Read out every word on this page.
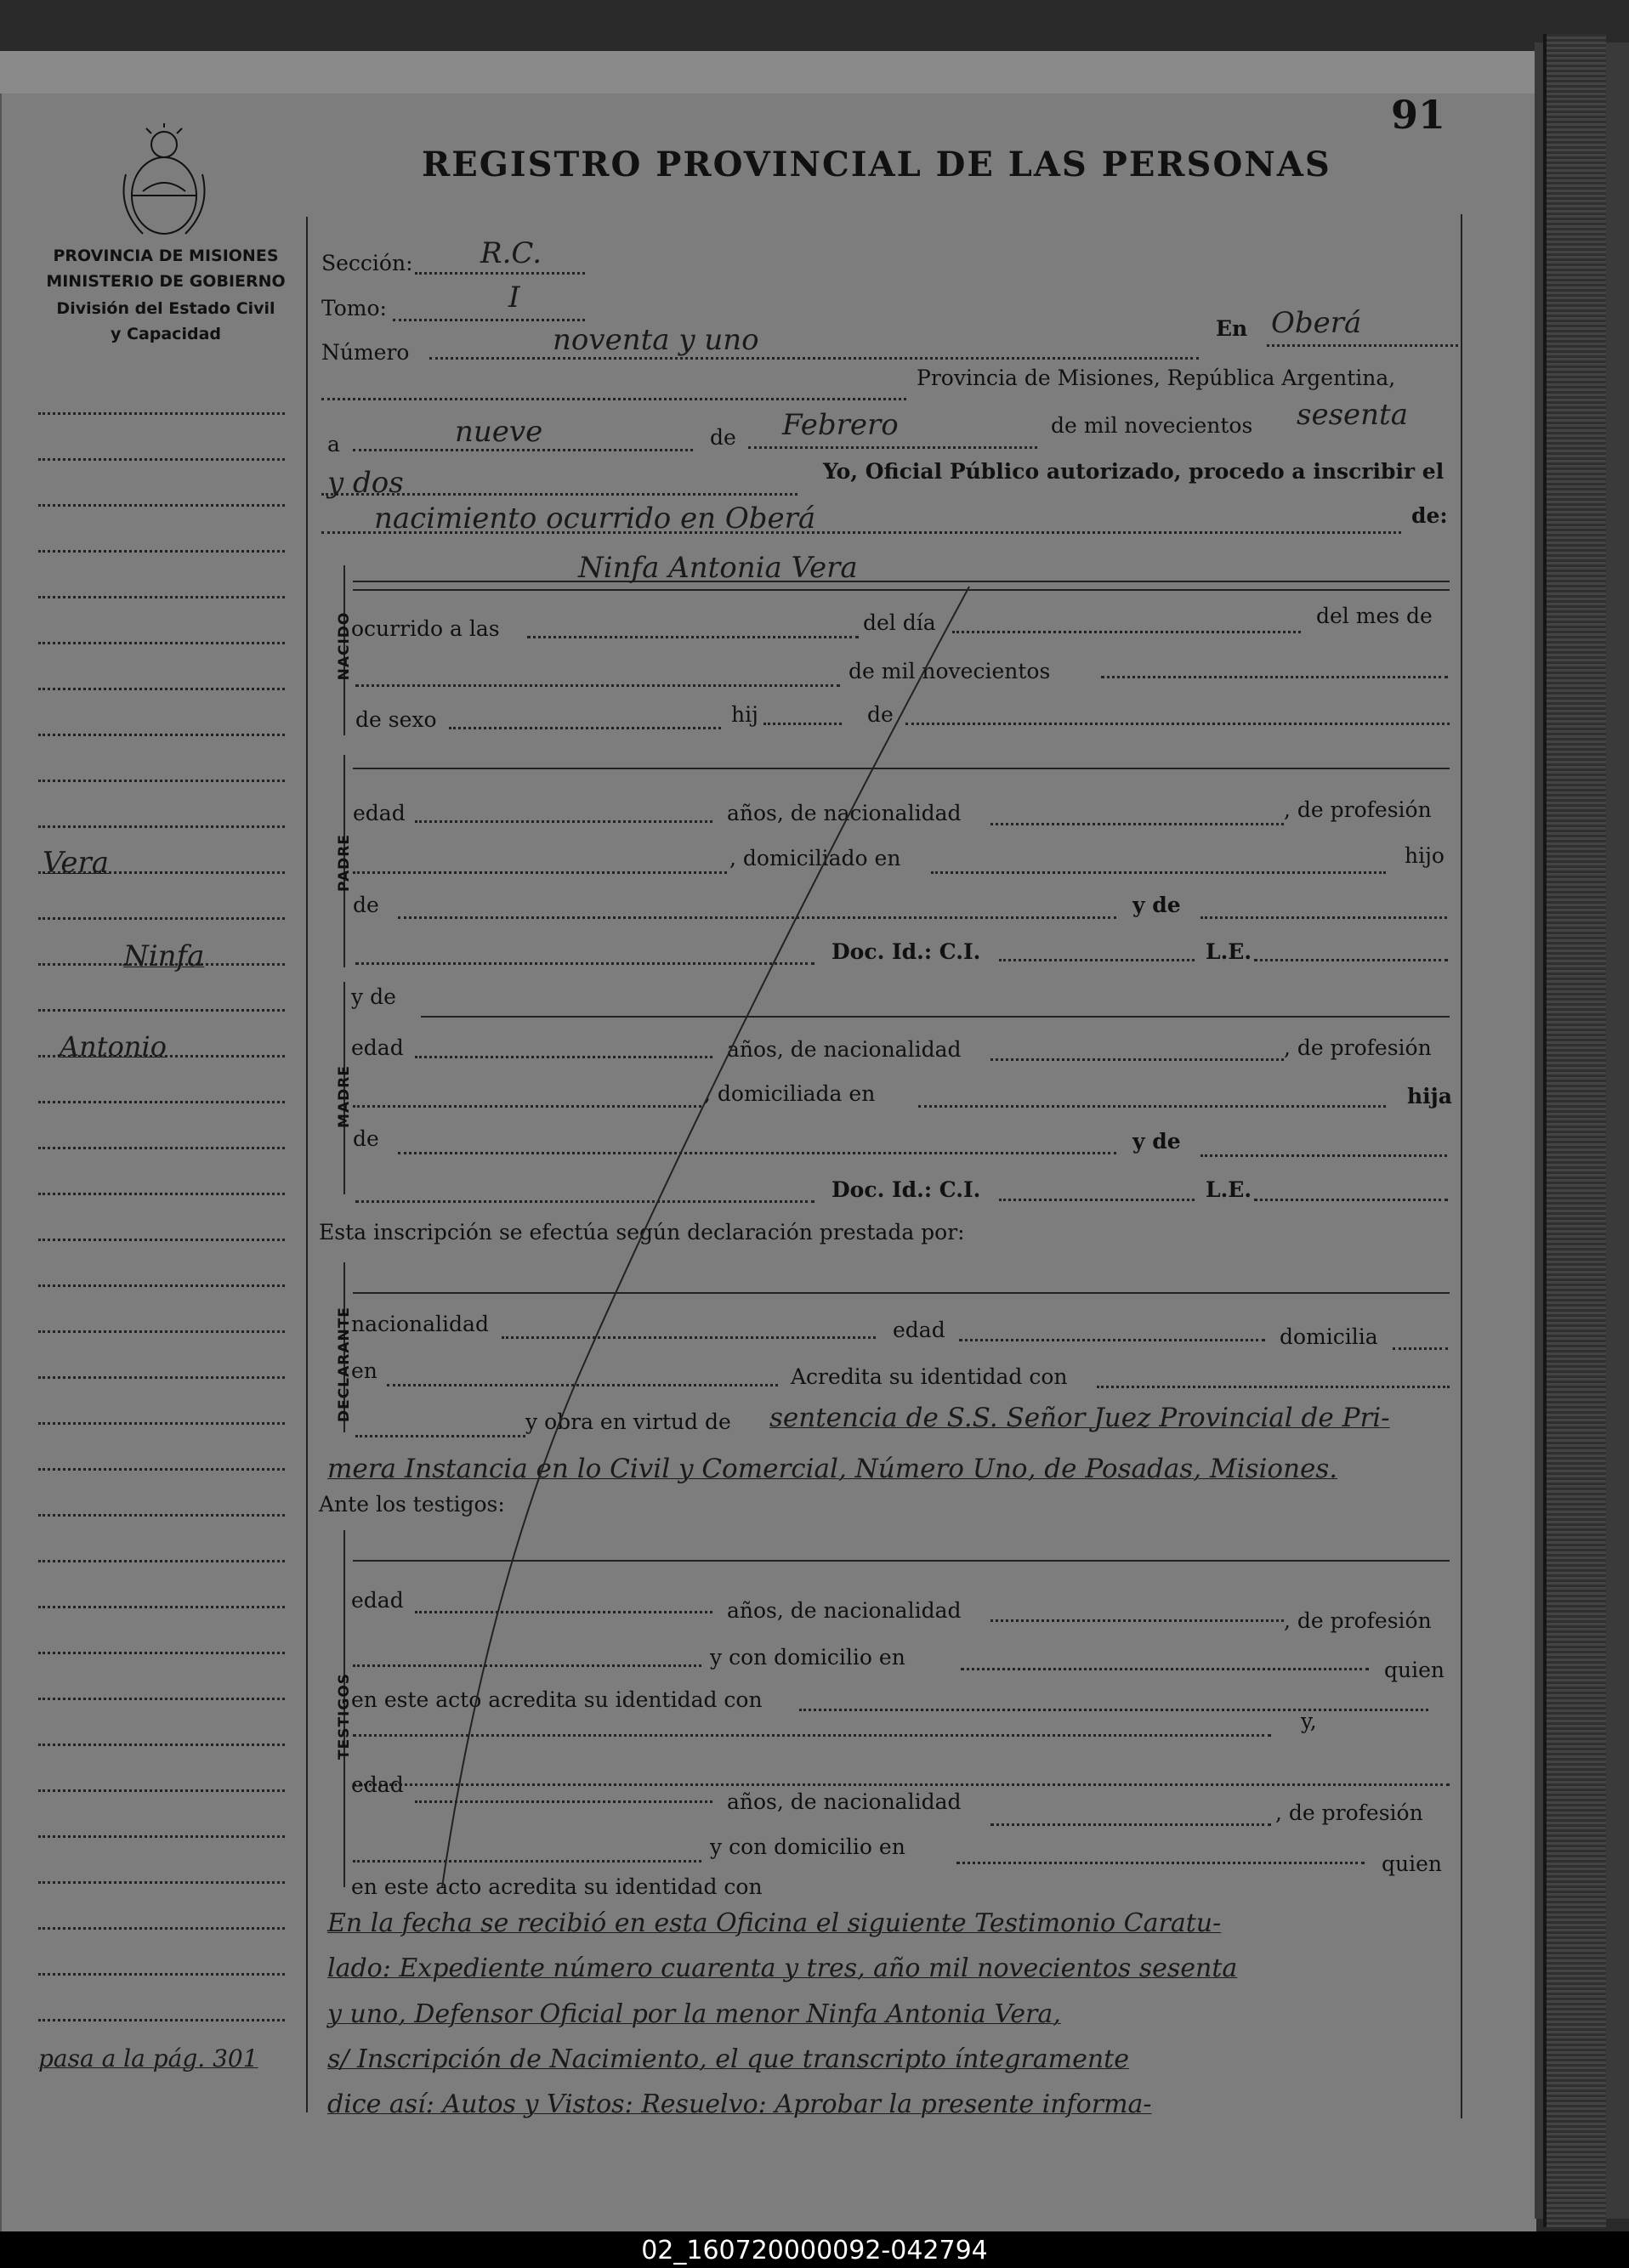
REGISTRO PROVINCIAL DE LAS PERSONAS
91
PROVINCIA DE MISIONES
MINISTERIO DE GOBIERNO
División del Estado Civil
y Capacidad
Vera
Ninfa
Antonio
pasa a la pág. 301
Sección: R.C.
Tomo:	I
Número	noventa y uno	En Oberá
Provincia de Misiones, República Argentina,
a	nueve	de Febrero	de mil novecientos sesenta
y dos	Yo, Oficial Público autorizado, procedo a inscribir el
nacimiento ocurrido en Oberá	de:
NACIDO
Ninfa Antonia Vera
ocurrido a las	del día	del mes de
de mil novecientos
de sexo	hij	de
PADRE
edad	años, de nacionalidad	, de profesión
, domiciliado en	hijo
de	y de
Doc. Id.: C.I.	L.E.
MADRE
y de
edad	años, de nacionalidad	, de profesión
, domiciliada en	hija
de	y de
Doc. Id.: C.I.	L.E.
Esta inscripción se efectúa según declaración prestada por:
DECLARANTE
nacionalidad	edad	domicilia
en	Acredita su identidad con
y obra en virtud de sentencia de S.S. Señor Juez Provincial de Pri-
mera Instancia en lo Civil y Comercial, Número Uno, de Posadas, Misiones.
Ante los testigos:
TESTIGOS
edad	años, de nacionalidad	, de profesión
y con domicilio en
quien
en este acto acredita su identidad con
y,
edad
años, de nacionalidad	, de profesión
y con domicilio en
quien
en este acto acredita su identidad con
En la fecha se recibió en esta Oficina el siguiente Testimonio Caratu-
lado: Expediente número cuarenta y tres, año mil novecientos sesenta
y uno, Defensor Oficial por la menor Ninfa Antonia Vera,
s/ Inscripción de Nacimiento, el que transcripto íntegramente
dice así: Autos y Vistos: Resuelvo: Aprobar la presente informa-
02_160720000092-042794
